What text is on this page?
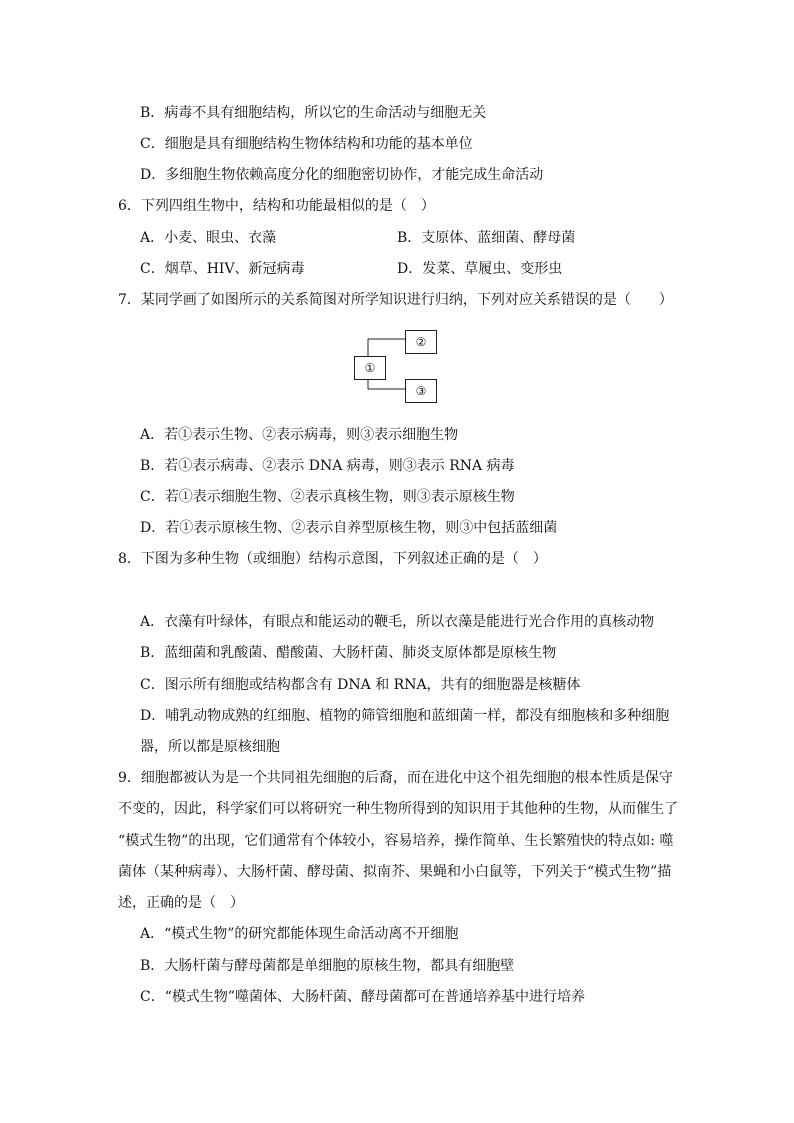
B．病毒不具有细胞结构，所以它的生命活动与细胞无关
C．细胞是具有细胞结构生物体结构和功能的基本单位
D．多细胞生物依赖高度分化的细胞密切协作，才能完成生命活动
6．下列四组生物中，结构和功能最相似的是（　）
A．小麦、眼虫、衣藻	B．支原体、蓝细菌、酵母菌
C．烟草、HIV、新冠病毒	D．发菜、草履虫、变形虫
7．某同学画了如图所示的关系简图对所学知识进行归纳，下列对应关系错误的是（　　）
①
②
③
A．若①表示生物、②表示病毒，则③表示细胞生物
B．若①表示病毒、②表示 DNA 病毒，则③表示 RNA 病毒
C．若①表示细胞生物、②表示真核生物，则③表示原核生物
D．若①表示原核生物、②表示自养型原核生物，则③中包括蓝细菌
8．下图为多种生物（或细胞）结构示意图，下列叙述正确的是（　）
A．衣藻有叶绿体，有眼点和能运动的鞭毛，所以衣藻是能进行光合作用的真核动物
B．蓝细菌和乳酸菌、醋酸菌、大肠杆菌、肺炎支原体都是原核生物
C．图示所有细胞或结构都含有 DNA 和 RNA，共有的细胞器是核糖体
D．哺乳动物成熟的红细胞、植物的筛管细胞和蓝细菌一样，都没有细胞核和多种细胞
器，所以都是原核细胞
9．细胞都被认为是一个共同祖先细胞的后裔，而在进化中这个祖先细胞的根本性质是保守
不变的，因此，科学家们可以将研究一种生物所得到的知识用于其他种的生物，从而催生了
“模式生物”的出现，它们通常有个体较小，容易培养，操作简单、生长繁殖快的特点如: 噬
菌体（某种病毒）、大肠杆菌、酵母菌、拟南芥、果蝇和小白鼠等，下列关于“模式生物”描
述，正确的是（　）
A．“模式生物”的研究都能体现生命活动离不开细胞
B．大肠杆菌与酵母菌都是单细胞的原核生物，都具有细胞壁
C．“模式生物”噬菌体、大肠杆菌、酵母菌都可在普通培养基中进行培养
